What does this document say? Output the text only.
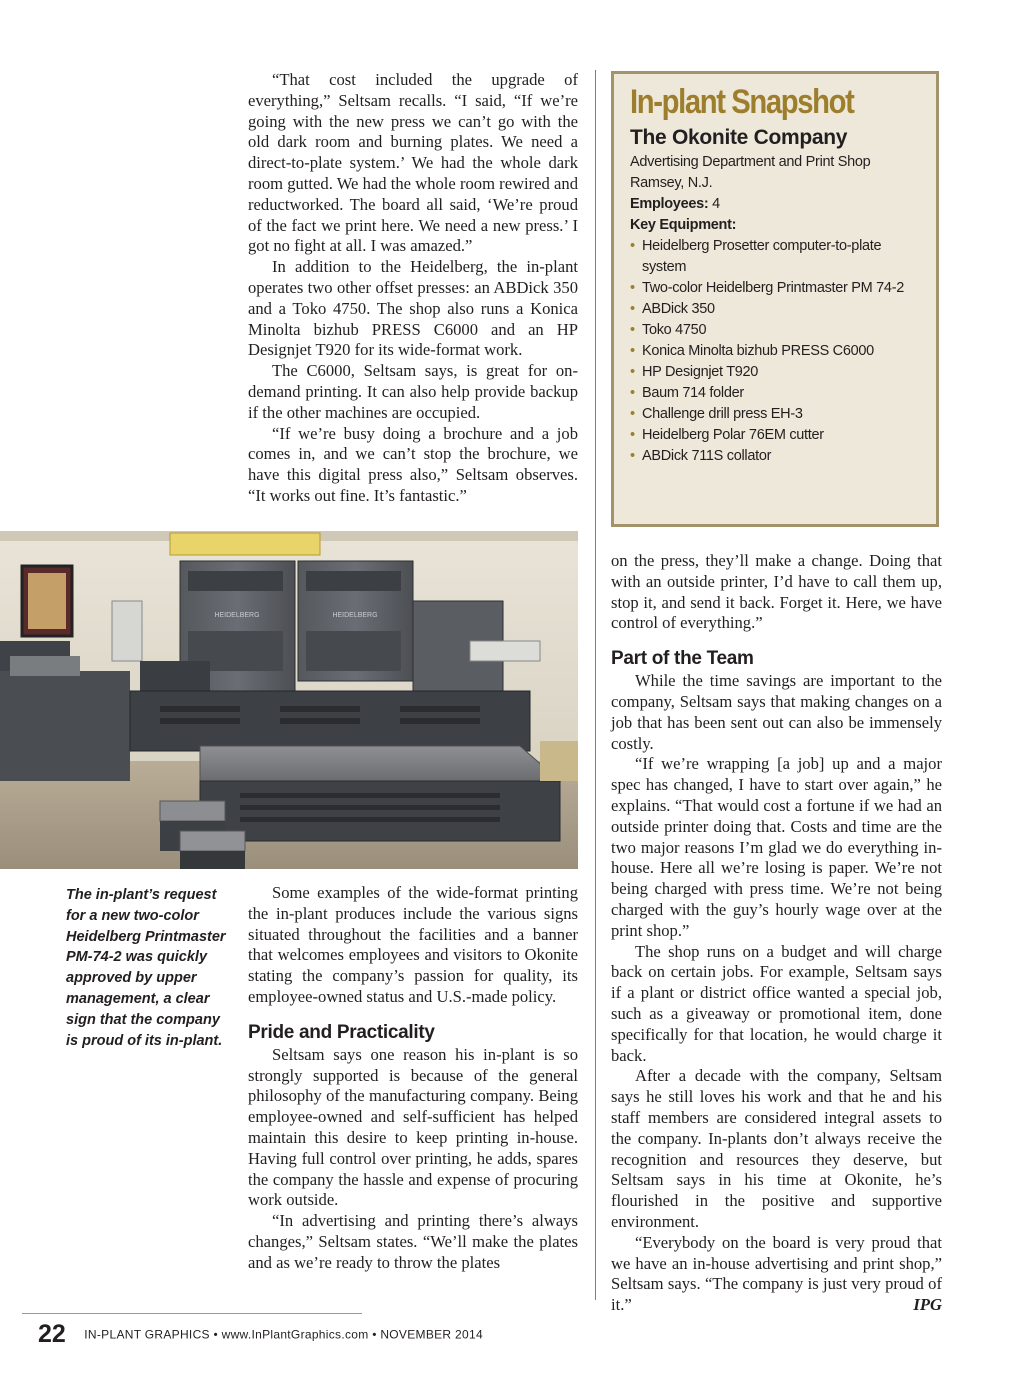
“That cost included the upgrade of everything,” Seltsam recalls. “I said, “If we’re going with the new press we can’t go with the old dark room and burning plates. We need a direct-to-plate system.’ We had the whole dark room gutted. We had the whole room rewired and reductworked. The board all said, ‘We’re proud of the fact we print here. We need a new press.’ I got no fight at all. I was amazed.”

In addition to the Heidelberg, the in-plant operates two other offset presses: an ABDick 350 and a Toko 4750. The shop also runs a Konica Minolta bizhub PRESS C6000 and an HP Designjet T920 for its wide-format work.

The C6000, Seltsam says, is great for on-demand printing. It can also help provide backup if the other machines are occupied.

“If we’re busy doing a brochure and a job comes in, and we can’t stop the brochure, we have this digital press also,” Seltsam observes. “It works out fine. It’s fantastic.”

In-plant Snapshot
The Okonite Company
Advertising Department and Print Shop
Ramsey, N.J.
Employees: 4
Key Equipment:
• Heidelberg Prosetter computer-to-plate system
• Two-color Heidelberg Printmaster PM 74-2
• ABDick 350
• Toko 4750
• Konica Minolta bizhub PRESS C6000
• HP Designjet T920
• Baum 714 folder
• Challenge drill press EH-3
• Heidelberg Polar 76EM cutter
• ABDick 711S collator
HEIDELBERG	HEIDELBERG
The in-plant’s request for a new two-color Heidelberg Printmaster PM-74-2 was quickly approved by upper management, a clear sign that the company is proud of its in-plant.

Some examples of the wide-format printing the in-plant produces include the various signs situated throughout the facilities and a banner that welcomes employees and visitors to Okonite stating the company’s passion for quality, its employee-owned status and U.S.-made policy.

Pride and Practicality

Seltsam says one reason his in-plant is so strongly supported is because of the general philosophy of the manufacturing company. Being employee-owned and self-sufficient has helped maintain this desire to keep printing in-house. Having full control over printing, he adds, spares the company the hassle and expense of procuring work outside.

“In advertising and printing there’s always changes,” Seltsam states. “We’ll make the plates and as we’re ready to throw the plates

on the press, they’ll make a change. Doing that with an outside printer, I’d have to call them up, stop it, and send it back. Forget it. Here, we have control of everything.”

Part of the Team

While the time savings are important to the company, Seltsam says that making changes on a job that has been sent out can also be immensely costly.

“If we’re wrapping [a job] up and a major spec has changed, I have to start over again,” he explains. “That would cost a fortune if we had an outside printer doing that. Costs and time are the two major reasons I’m glad we do everything in-house. Here all we’re losing is paper. We’re not being charged with press time. We’re not being charged with the guy’s hourly wage over at the print shop.”

The shop runs on a budget and will charge back on certain jobs. For example, Seltsam says if a plant or district office wanted a special job, such as a giveaway or promotional item, done specifically for that location, he would charge it back.

After a decade with the company, Seltsam says he still loves his work and that he and his staff members are considered integral assets to the company. In-plants don’t always receive the recognition and resources they deserve, but Seltsam says in his time at Okonite, he’s flourished in the positive and supportive environment.

“Everybody on the board is very proud that we have an in-house advertising and print shop,” Seltsam says. “The company is just very proud of it.”	IPG

22 IN-PLANT GRAPHICS • www.InPlantGraphics.com • NOVEMBER 2014
